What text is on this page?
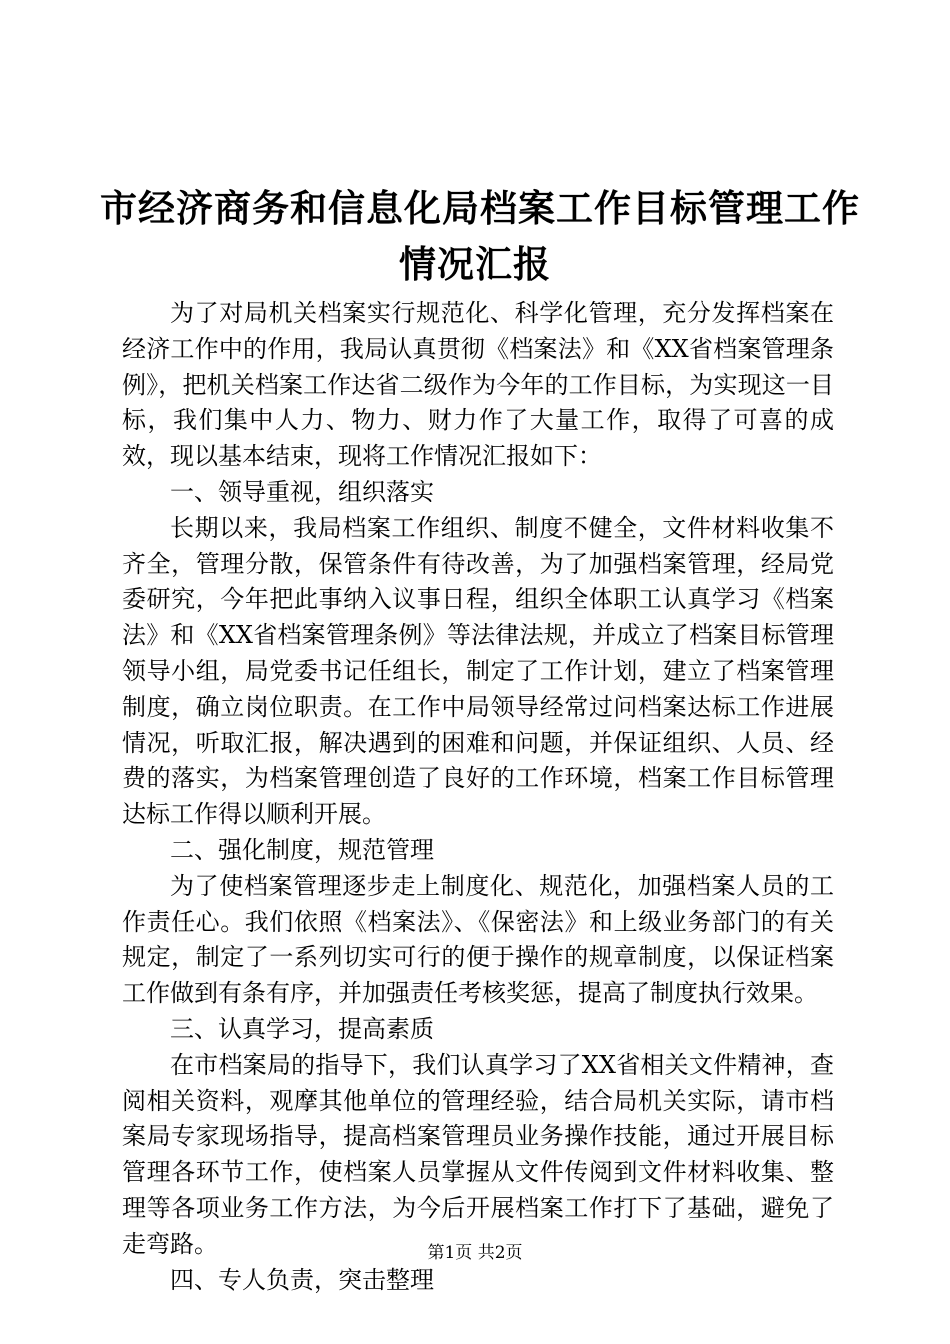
市经济商务和信息化局档案工作目标管理工作
情况汇报

为了对局机关档案实行规范化、科学化管理，充分发挥档案在经济工作中的作用，我局认真贯彻《档案法》和《XX省档案管理条例》，把机关档案工作达省二级作为今年的工作目标，为实现这一目标，我们集中人力、物力、财力作了大量工作，取得了可喜的成效，现以基本结束，现将工作情况汇报如下：

一、领导重视，组织落实

长期以来，我局档案工作组织、制度不健全，文件材料收集不齐全，管理分散，保管条件有待改善，为了加强档案管理，经局党委研究，今年把此事纳入议事日程，组织全体职工认真学习《档案法》和《XX省档案管理条例》等法律法规，并成立了档案目标管理领导小组，局党委书记任组长，制定了工作计划，建立了档案管理制度，确立岗位职责。在工作中局领导经常过问档案达标工作进展情况，听取汇报，解决遇到的困难和问题，并保证组织、人员、经费的落实，为档案管理创造了良好的工作环境，档案工作目标管理达标工作得以顺利开展。

二、强化制度，规范管理

为了使档案管理逐步走上制度化、规范化，加强档案人员的工作责任心。我们依照《档案法》、《保密法》和上级业务部门的有关规定，制定了一系列切实可行的便于操作的规章制度，以保证档案工作做到有条有序，并加强责任考核奖惩，提高了制度执行效果。

三、认真学习，提高素质

在市档案局的指导下，我们认真学习了XX省相关文件精神，查阅相关资料，观摩其他单位的管理经验，结合局机关实际，请市档案局专家现场指导，提高档案管理员业务操作技能，通过开展目标管理各环节工作，使档案人员掌握从文件传阅到文件材料收集、整理等各项业务工作方法，为今后开展档案工作打下了基础，避免了走弯路。

四、专人负责，突击整理

第1页 共2页
